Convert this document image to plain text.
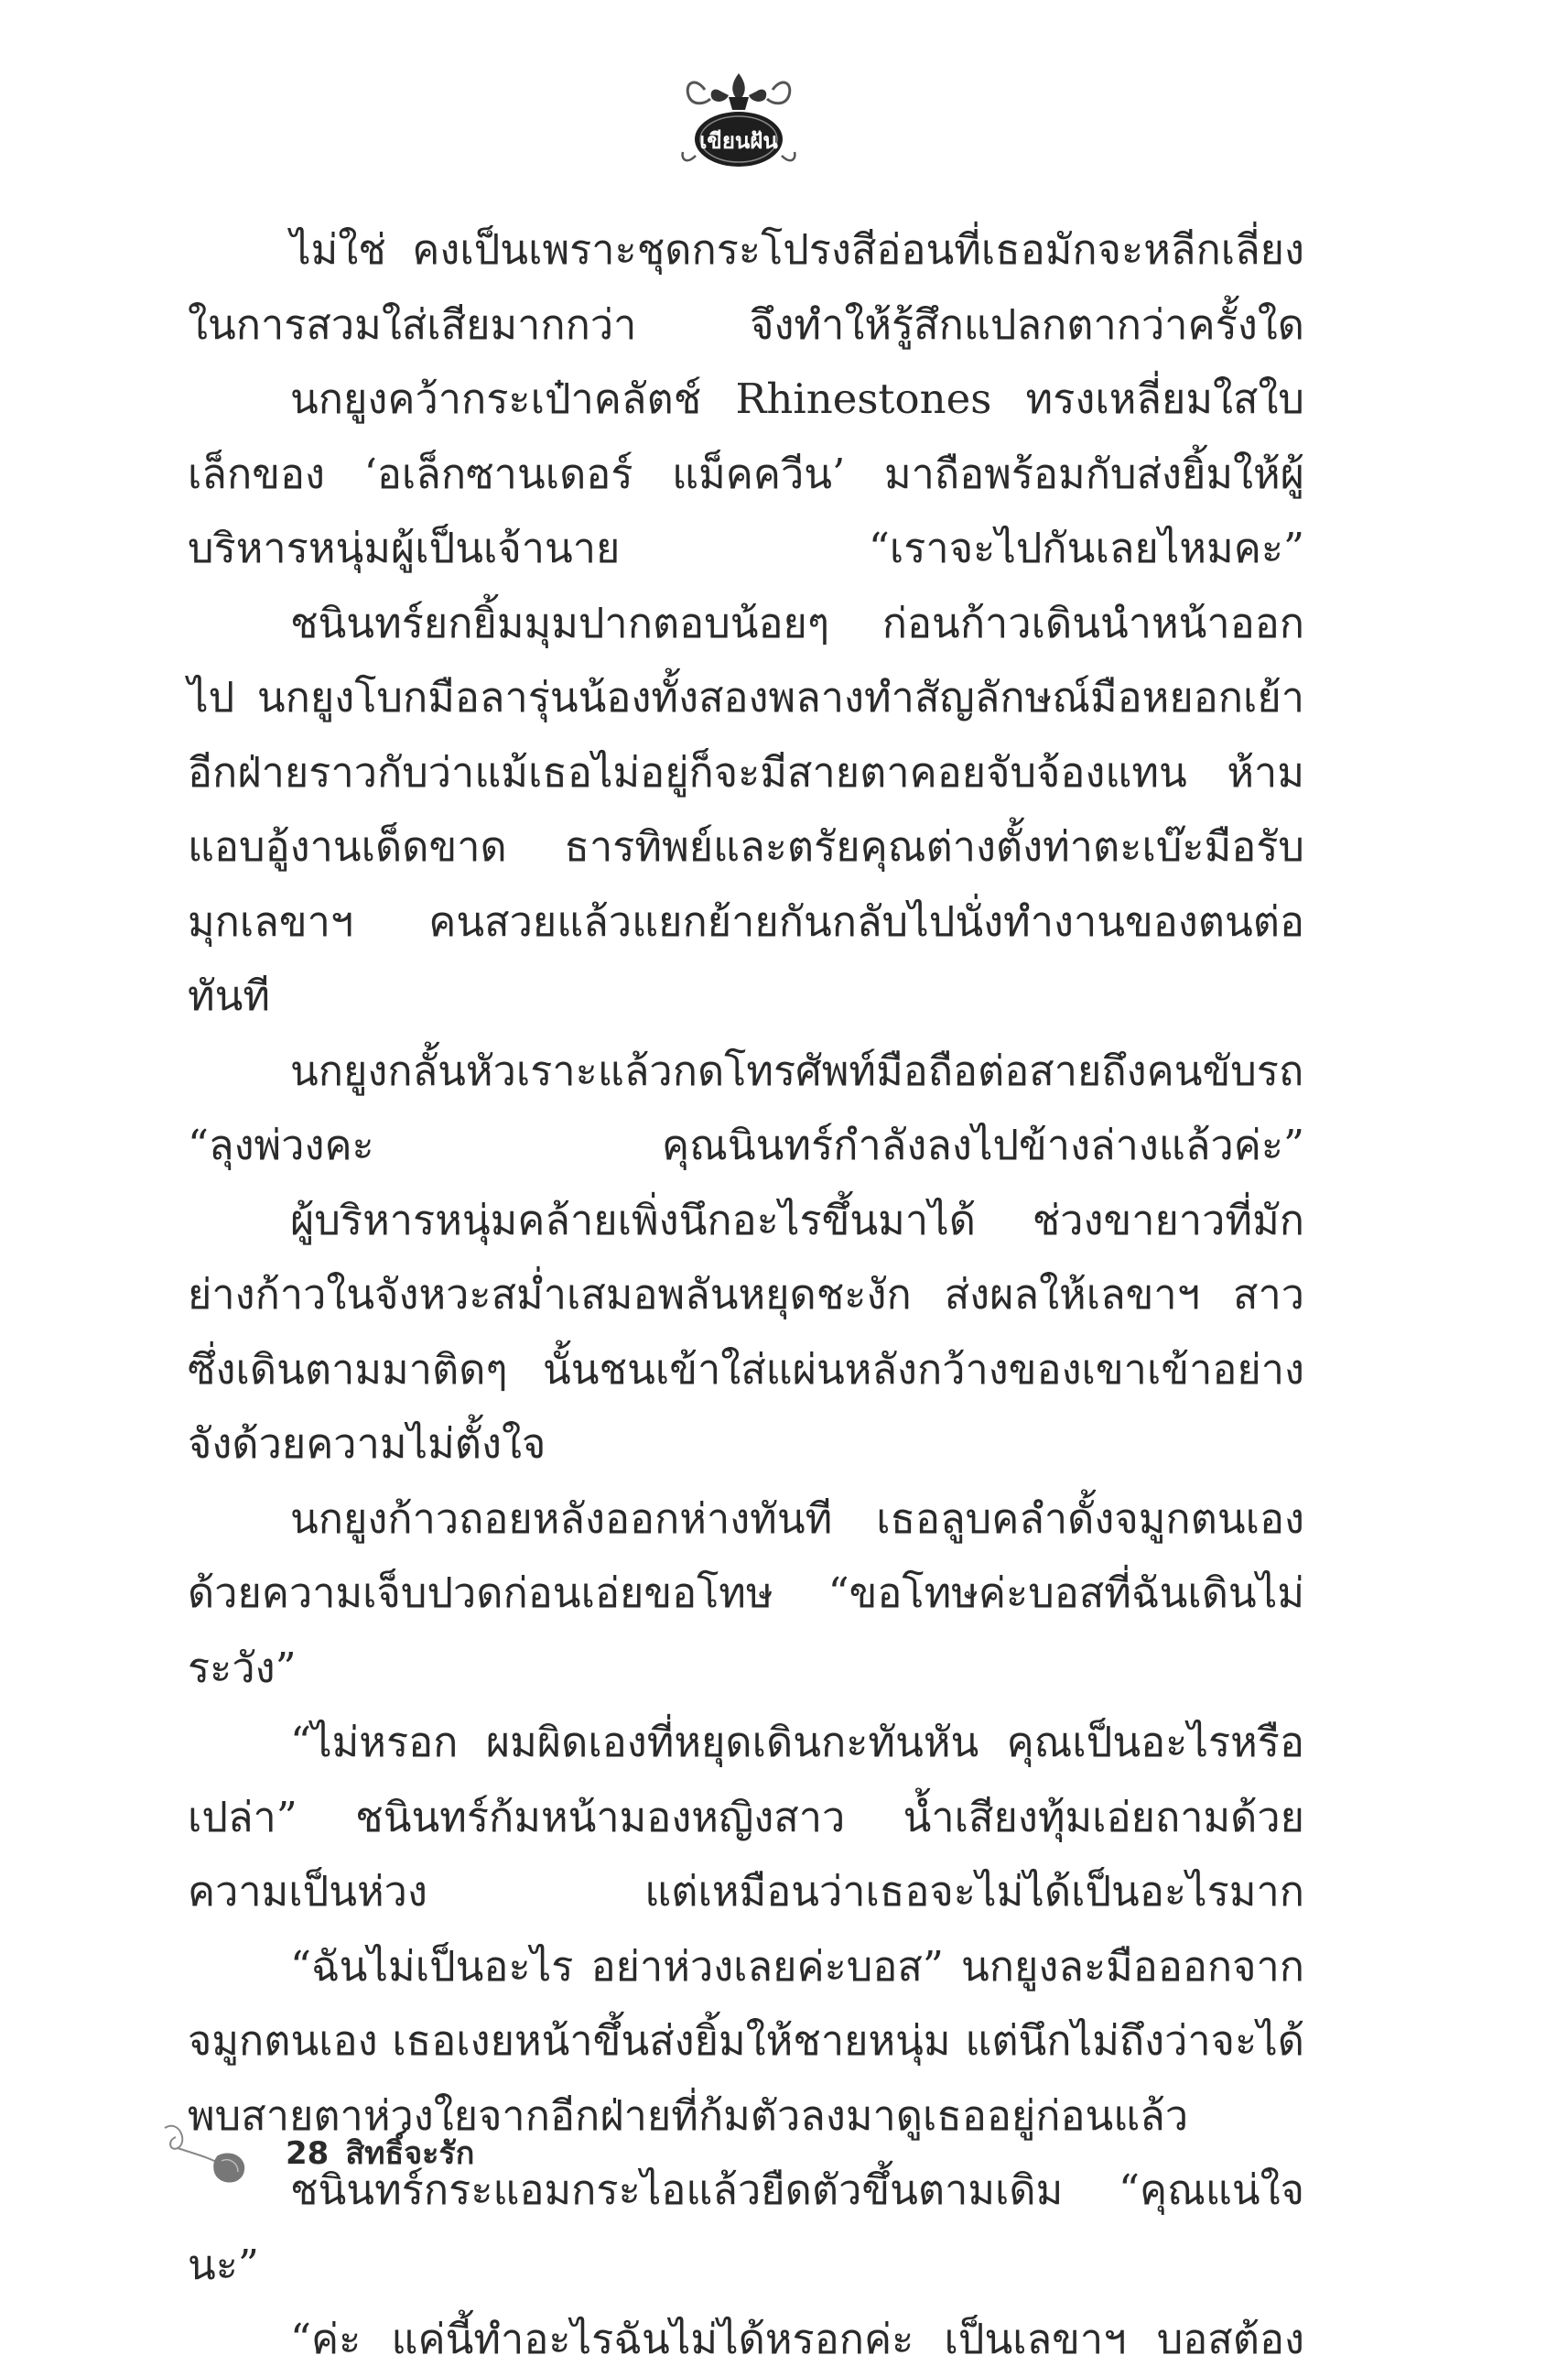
เขียนฝัน

ไม่ใช่ คงเป็นเพราะชุดกระโปรงสีอ่อนที่เธอมักจะหลีกเลี่ยงในการสวมใส่เสียมากกว่า จึงทำให้รู้สึกแปลกตากว่าครั้งใด

นกยูงคว้ากระเป๋าคลัตช์ Rhinestones ทรงเหลี่ยมใสใบเล็กของ ‘อเล็กซานเดอร์ แม็คควีน’ มาถือพร้อมกับส่งยิ้มให้ผู้บริหารหนุ่มผู้เป็นเจ้านาย “เราจะไปกันเลยไหมคะ”

ชนินทร์ยกยิ้มมุมปากตอบน้อยๆ ก่อนก้าวเดินนำหน้าออกไป นกยูงโบกมือลารุ่นน้องทั้งสองพลางทำสัญลักษณ์มือหยอกเย้าอีกฝ่ายราวกับว่าแม้เธอไม่อยู่ก็จะมีสายตาคอยจับจ้องแทน ห้ามแอบอู้งานเด็ดขาด ธารทิพย์และตรัยคุณต่างตั้งท่าตะเบ๊ะมือรับมุกเลขาฯ คนสวยแล้วแยกย้ายกันกลับไปนั่งทำงานของตนต่อทันที

นกยูงกลั้นหัวเราะแล้วกดโทรศัพท์มือถือต่อสายถึงคนขับรถ “ลุงพ่วงคะ คุณนินทร์กำลังลงไปข้างล่างแล้วค่ะ”

ผู้บริหารหนุ่มคล้ายเพิ่งนึกอะไรขึ้นมาได้ ช่วงขายาวที่มักย่างก้าวในจังหวะสม่ำเสมอพลันหยุดชะงัก ส่งผลให้เลขาฯ สาวซึ่งเดินตามมาติดๆ นั้นชนเข้าใส่แผ่นหลังกว้างของเขาเข้าอย่างจังด้วยความไม่ตั้งใจ

นกยูงก้าวถอยหลังออกห่างทันที เธอลูบคลำดั้งจมูกตนเองด้วยความเจ็บปวดก่อนเอ่ยขอโทษ “ขอโทษค่ะบอสที่ฉันเดินไม่ระวัง”

“ไม่หรอก ผมผิดเองที่หยุดเดินกะทันหัน คุณเป็นอะไรหรือเปล่า” ชนินทร์ก้มหน้ามองหญิงสาว น้ำเสียงทุ้มเอ่ยถามด้วยความเป็นห่วง แต่เหมือนว่าเธอจะไม่ได้เป็นอะไรมาก

“ฉันไม่เป็นอะไร อย่าห่วงเลยค่ะบอส” นกยูงละมือออกจากจมูกตนเอง เธอเงยหน้าขึ้นส่งยิ้มให้ชายหนุ่ม แต่นึกไม่ถึงว่าจะได้พบสายตาห่วงใยจากอีกฝ่ายที่ก้มตัวลงมาดูเธออยู่ก่อนแล้ว

ชนินทร์กระแอมกระไอแล้วยืดตัวขึ้นตามเดิม “คุณแน่ใจนะ”

“ค่ะ แค่นี้ทำอะไรฉันไม่ได้หรอกค่ะ เป็นเลขาฯ บอสต้อง

28 สิทธิ์จะรัก
